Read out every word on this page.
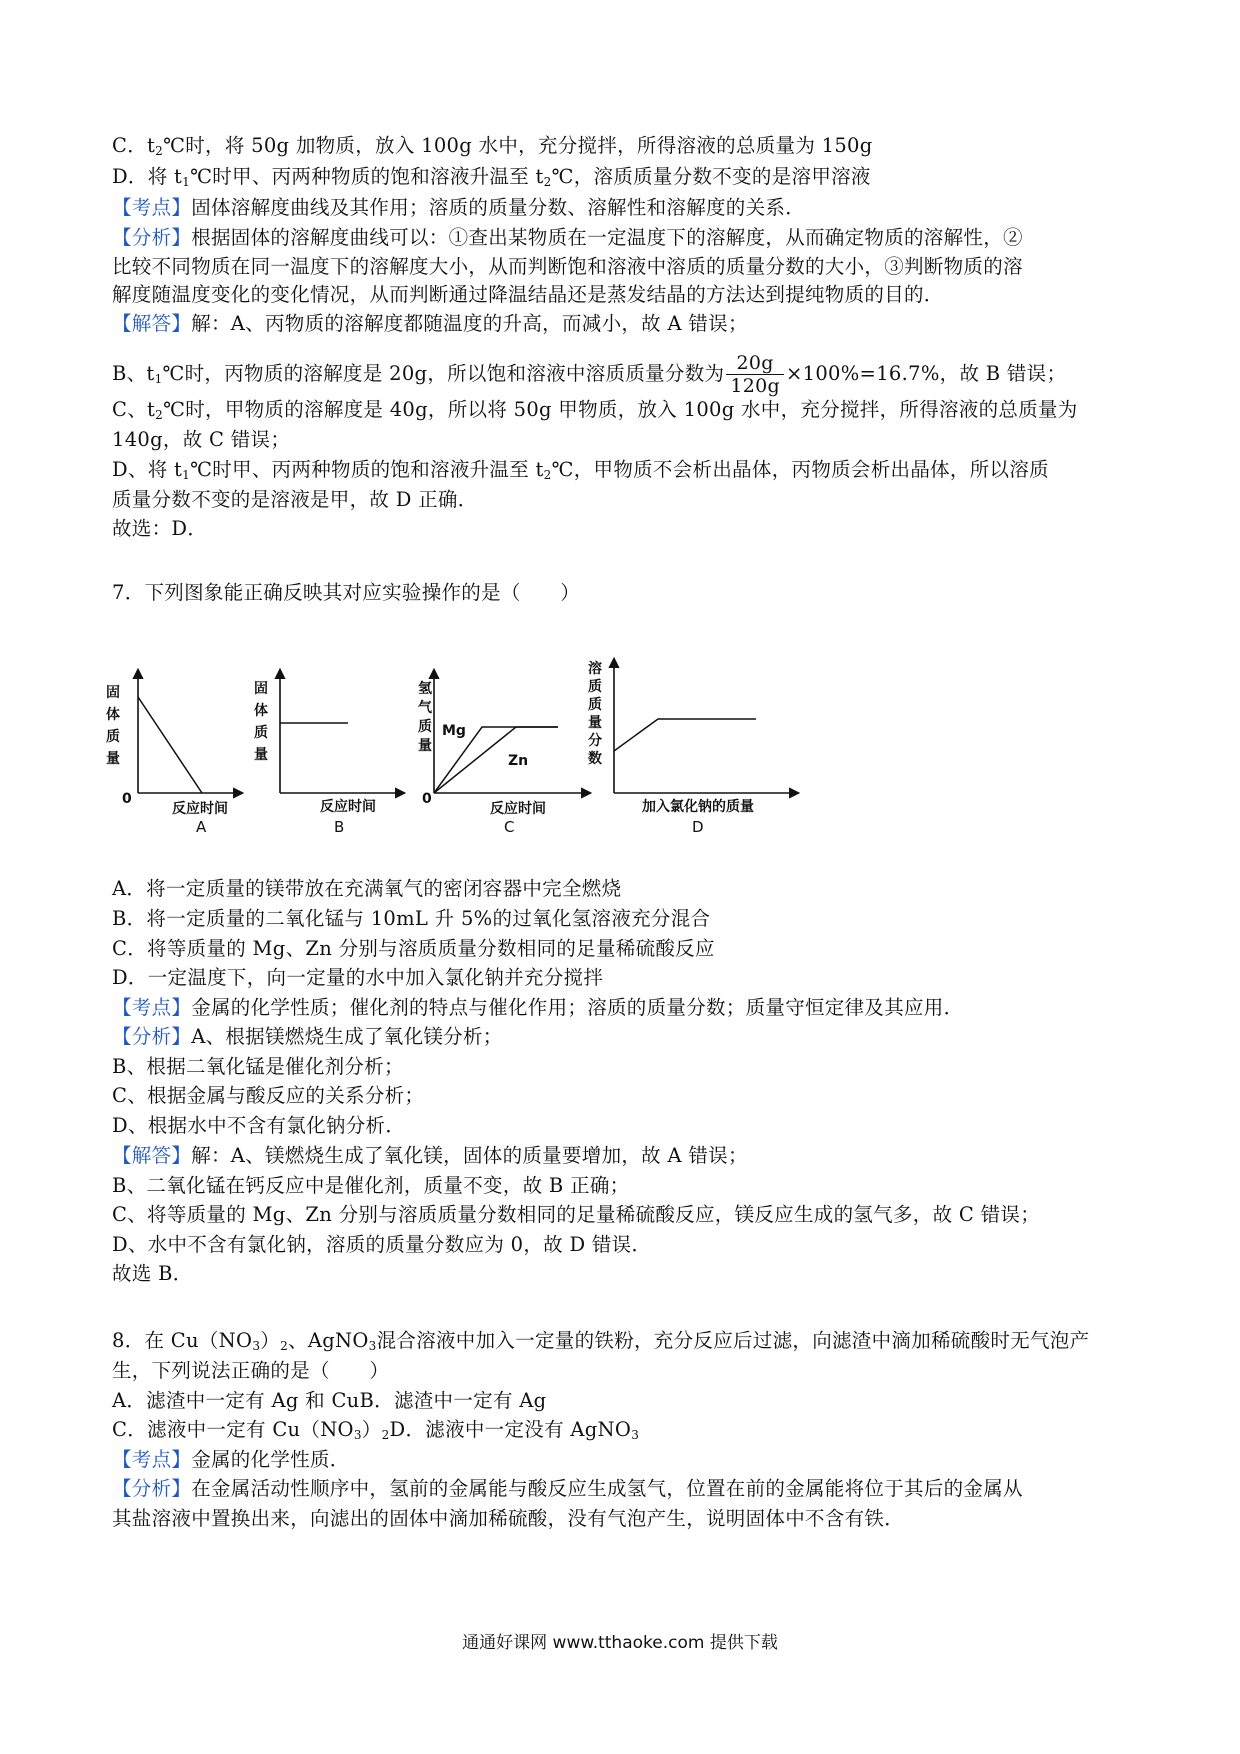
C．$t_2℃$时，将 50g 加物质，放入 100g 水中，充分搅拌，所得溶液的总质量为 150g
D．将 $t_1℃$时甲、丙两种物质的饱和溶液升温至 $t_2℃$，溶质质量分数不变的是溶甲溶液
【考点】固体溶解度曲线及其作用；溶质的质量分数、溶解性和溶解度的关系．
【分析】根据固体的溶解度曲线可以：①查出某物质在一定温度下的溶解度，从而确定物质的溶解性，②
比较不同物质在同一温度下的溶解度大小，从而判断饱和溶液中溶质的质量分数的大小，③判断物质的溶
解度随温度变化的变化情况，从而判断通过降温结晶还是蒸发结晶的方法达到提纯物质的目的．
【解答】解：A、丙物质的溶解度都随温度的升高，而减小，故 A 错误；
B、$t_1℃$时，丙物质的溶解度是 20g，所以饱和溶液中溶质质量分数为 $\frac{20g}{120g} \times 100\%=16.7\%$，故 B 错误；
C、$t_2℃$时，甲物质的溶解度是 40g，所以将 50g 甲物质，放入 100g 水中，充分搅拌，所得溶液的总质量为
140g，故 C 错误；
D、将 $t_1℃$时甲、丙两种物质的饱和溶液升温至 $t_2℃$，甲物质不会析出晶体，丙物质会析出晶体，所以溶质
质量分数不变的是溶液是甲，故 D 正确．
故选：D．
7．下列图象能正确反映其对应实验操作的是（　　）
固
体
质
量
0
反应时间
A
固
体
质
量
反应时间
B
氢
气
质
量
Mg
Zn
0
反应时间
C
溶
质
质
量
分
数
加入氯化钠的质量
D
A．将一定质量的镁带放在充满氧气的密闭容器中完全燃烧
B．将一定质量的二氧化锰与 10mL 升 5%的过氧化氢溶液充分混合
C．将等质量的 Mg、Zn 分别与溶质质量分数相同的足量稀硫酸反应
D．一定温度下，向一定量的水中加入氯化钠并充分搅拌
【考点】金属的化学性质；催化剂的特点与催化作用；溶质的质量分数；质量守恒定律及其应用．
【分析】A、根据镁燃烧生成了氧化镁分析；
B、根据二氧化锰是催化剂分析；
C、根据金属与酸反应的关系分析；
D、根据水中不含有氯化钠分析．
【解答】解：A、镁燃烧生成了氧化镁，固体的质量要增加，故 A 错误；
B、二氧化锰在钙反应中是催化剂，质量不变，故 B 正确；
C、将等质量的 Mg、Zn 分别与溶质质量分数相同的足量稀硫酸反应，镁反应生成的氢气多，故 C 错误；
D、水中不含有氯化钠，溶质的质量分数应为 0，故 D 错误．
故选 B．
8．在 $Cu(NO_3)_2$、AgNO$_3$混合溶液中加入一定量的铁粉，充分反应后过滤，向滤渣中滴加稀硫酸时无气泡产
生，下列说法正确的是（　　）
A．滤渣中一定有 Ag 和 CuB．滤渣中一定有 Ag
C．滤液中一定有 $Cu(NO_3)_2D$．滤液中一定没有 AgNO$_3$
【考点】金属的化学性质．
【分析】在金属活动性顺序中，氢前的金属能与酸反应生成氢气，位置在前的金属能将位于其后的金属从
其盐溶液中置换出来，向滤出的固体中滴加稀硫酸，没有气泡产生，说明固体中不含有铁．
通通好课网 www.tthaoke.com 提供下载
